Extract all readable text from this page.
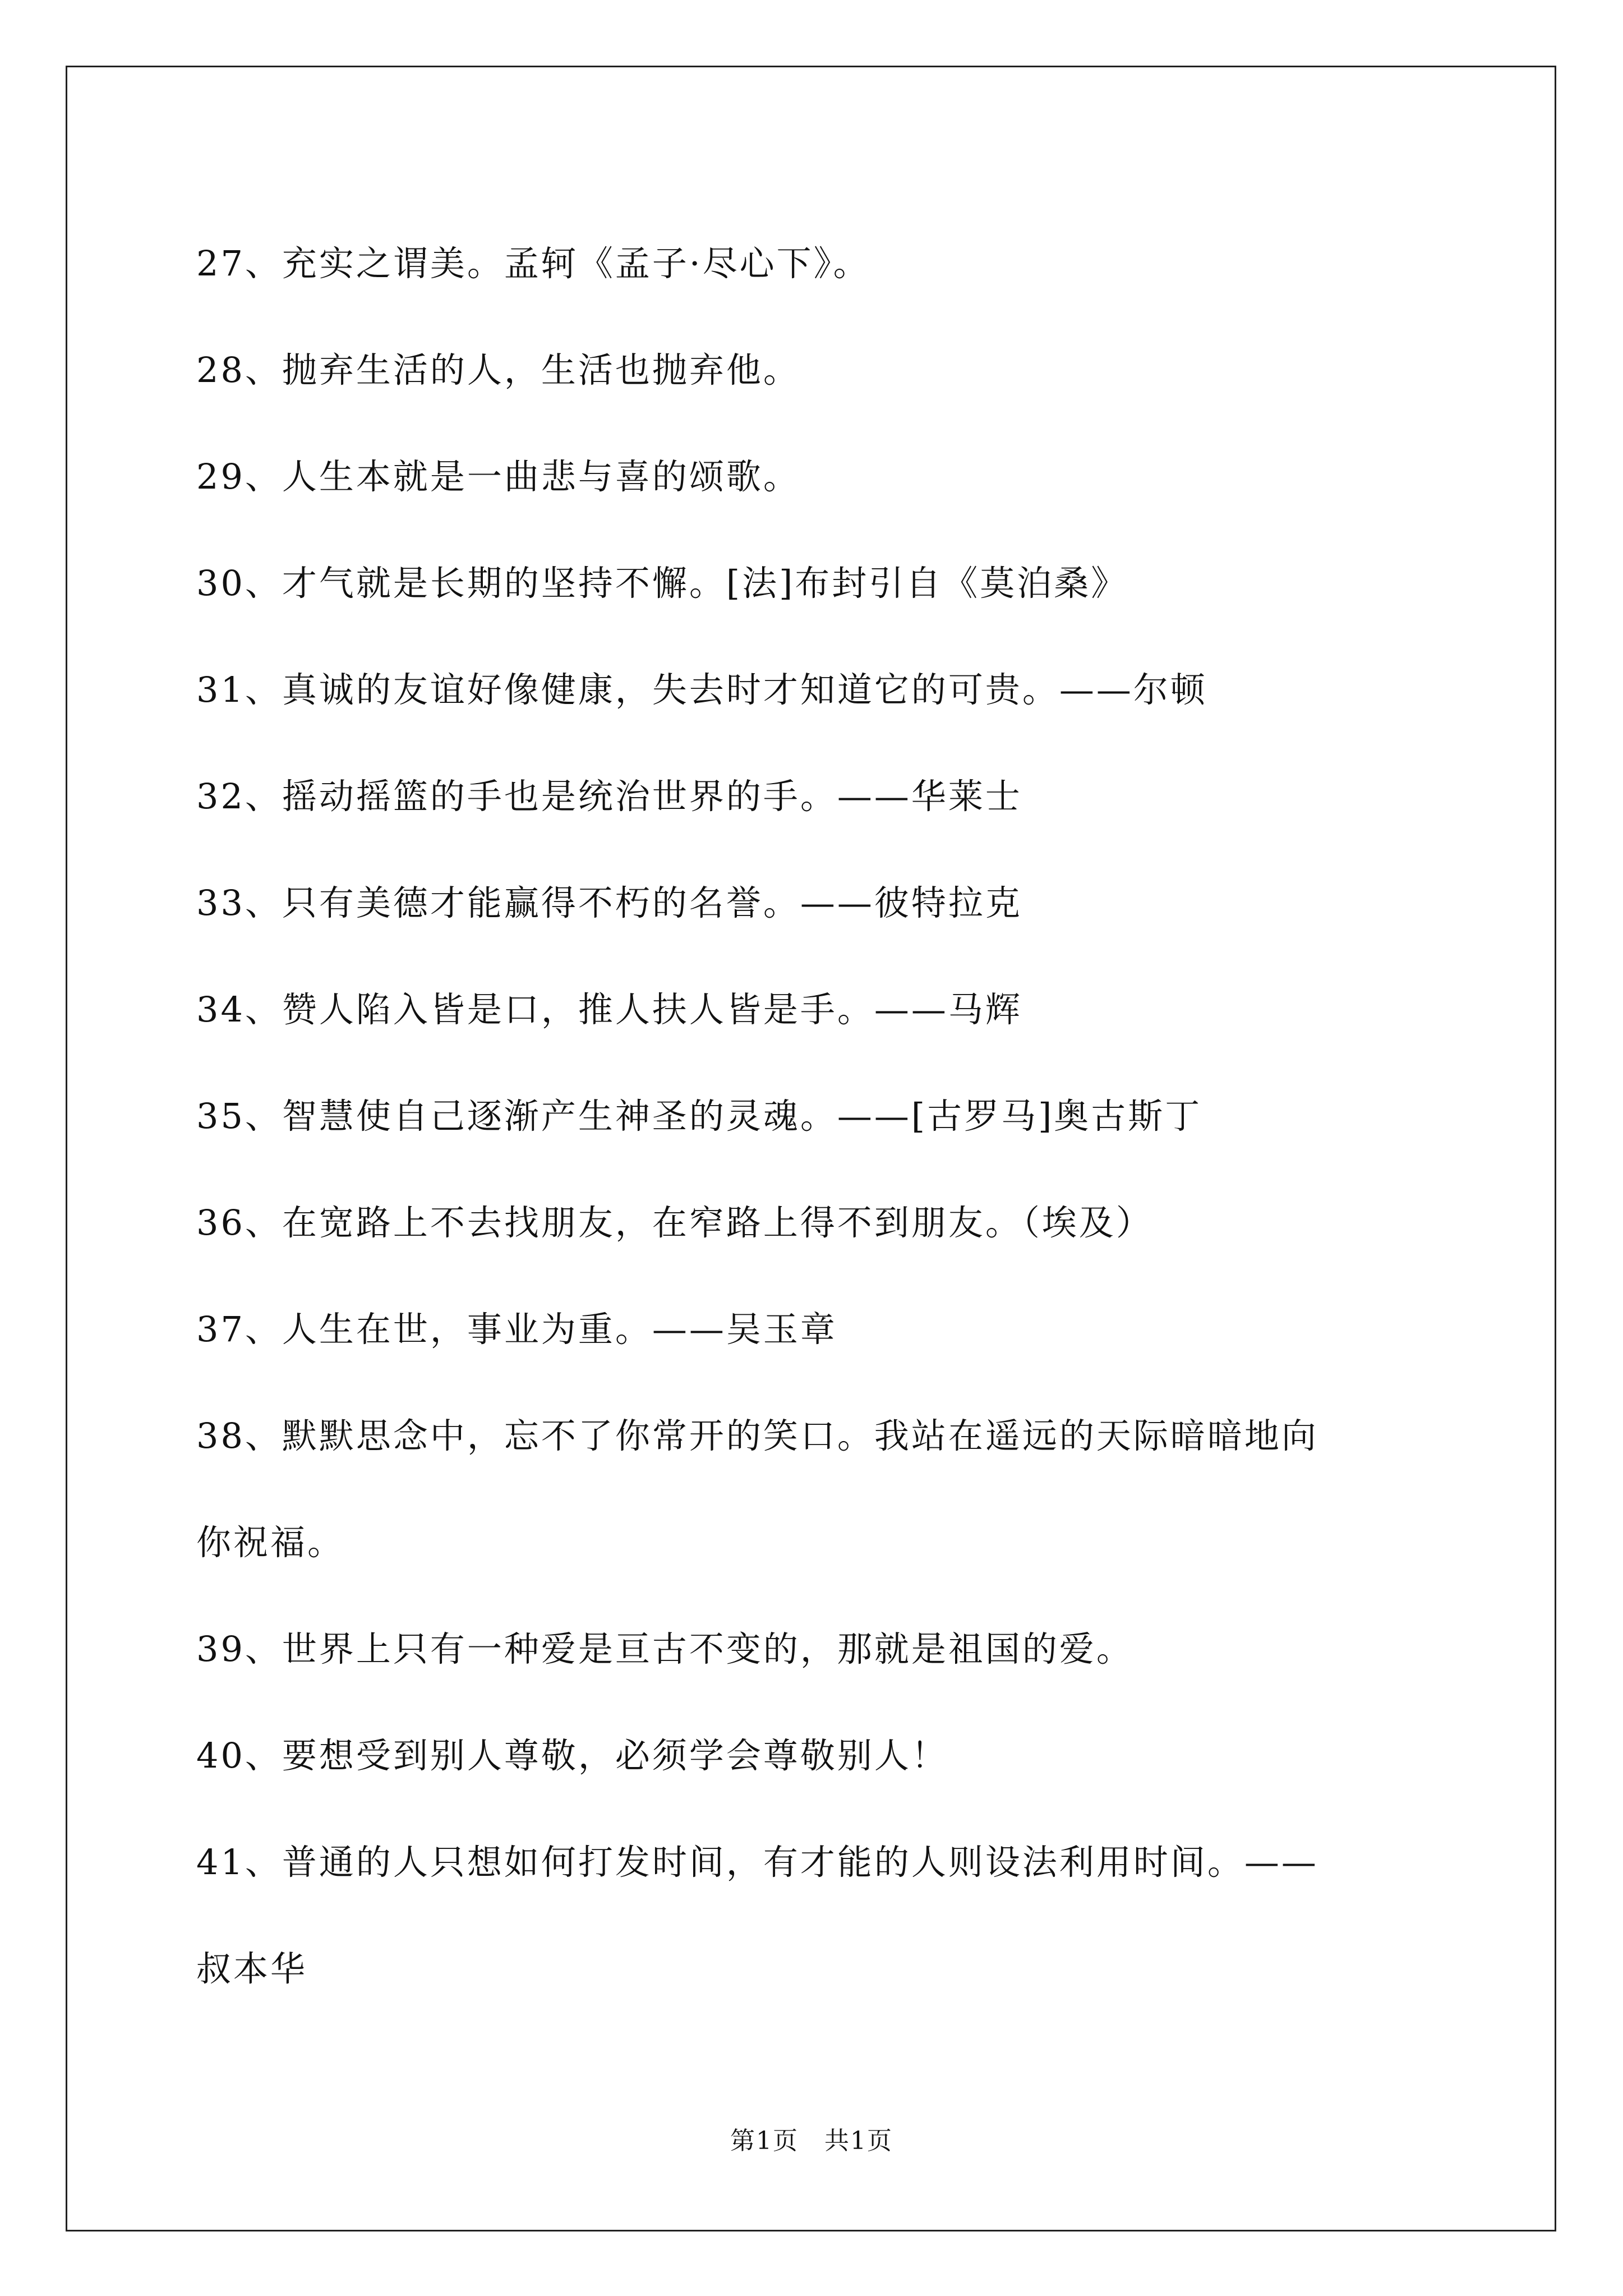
27、充实之谓美。孟轲《孟子·尽心下》。
28、抛弃生活的人，生活也抛弃他。
29、人生本就是一曲悲与喜的颂歌。
30、才气就是长期的坚持不懈。[法]布封引自《莫泊桑》
31、真诚的友谊好像健康，失去时才知道它的可贵。——尔顿
32、摇动摇篮的手也是统治世界的手。——华莱士
33、只有美德才能赢得不朽的名誉。——彼特拉克
34、赞人陷入皆是口，推人扶人皆是手。——马辉
35、智慧使自己逐渐产生神圣的灵魂。——[古罗马]奥古斯丁
36、在宽路上不去找朋友，在窄路上得不到朋友。（埃及）
37、人生在世，事业为重。——吴玉章
38、默默思念中，忘不了你常开的笑口。我站在遥远的天际暗暗地向
你祝福。
39、世界上只有一种爱是亘古不变的，那就是祖国的爱。
40、要想受到别人尊敬，必须学会尊敬别人！
41、普通的人只想如何打发时间，有才能的人则设法利用时间。——
叔本华
第1页　共1页
